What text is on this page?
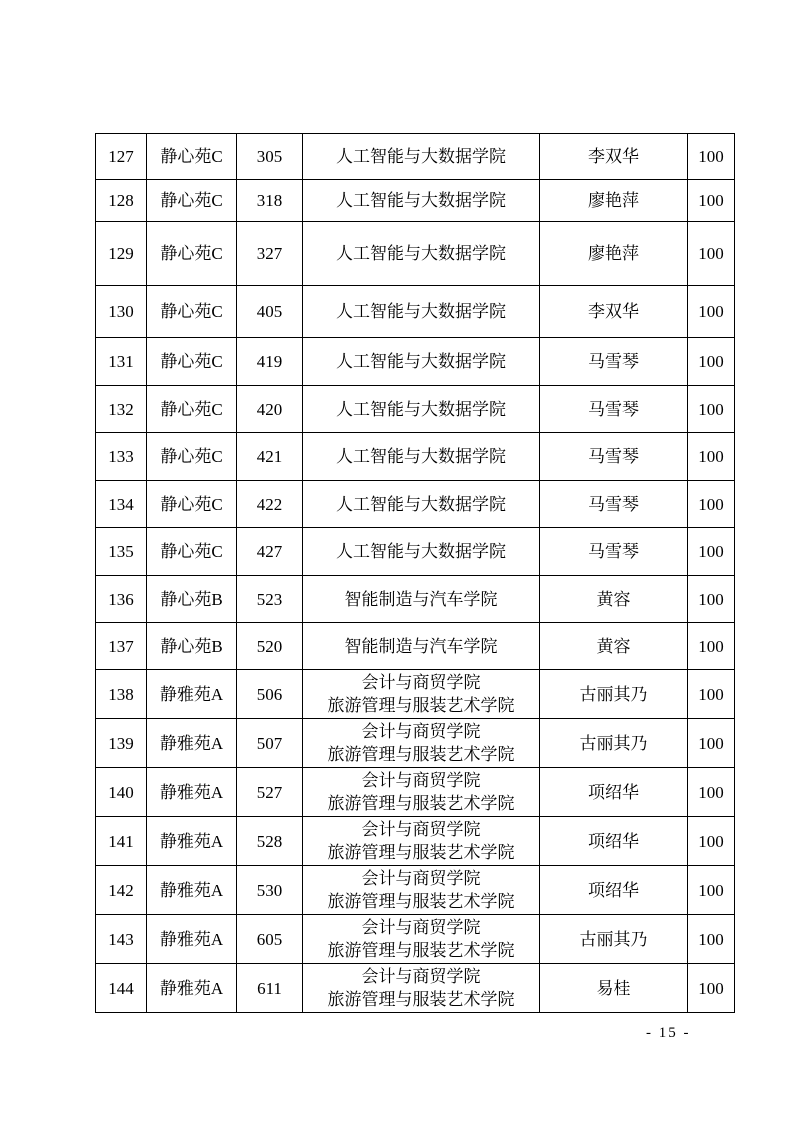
127	静心苑C	305	人工智能与大数据学院	李双华	100
128	静心苑C	318	人工智能与大数据学院	廖艳萍	100
129	静心苑C	327	人工智能与大数据学院	廖艳萍	100
130	静心苑C	405	人工智能与大数据学院	李双华	100
131	静心苑C	419	人工智能与大数据学院	马雪琴	100
132	静心苑C	420	人工智能与大数据学院	马雪琴	100
133	静心苑C	421	人工智能与大数据学院	马雪琴	100
134	静心苑C	422	人工智能与大数据学院	马雪琴	100
135	静心苑C	427	人工智能与大数据学院	马雪琴	100
136	静心苑B	523	智能制造与汽车学院	黄容	100
137	静心苑B	520	智能制造与汽车学院	黄容	100
138	静雅苑A	506	会计与商贸学院
旅游管理与服装艺术学院	古丽其乃	100
139	静雅苑A	507	会计与商贸学院
旅游管理与服装艺术学院	古丽其乃	100
140	静雅苑A	527	会计与商贸学院
旅游管理与服装艺术学院	项绍华	100
141	静雅苑A	528	会计与商贸学院
旅游管理与服装艺术学院	项绍华	100
142	静雅苑A	530	会计与商贸学院
旅游管理与服装艺术学院	项绍华	100
143	静雅苑A	605	会计与商贸学院
旅游管理与服装艺术学院	古丽其乃	100
144	静雅苑A	611	会计与商贸学院
旅游管理与服装艺术学院	易桂	100
- 15 -
